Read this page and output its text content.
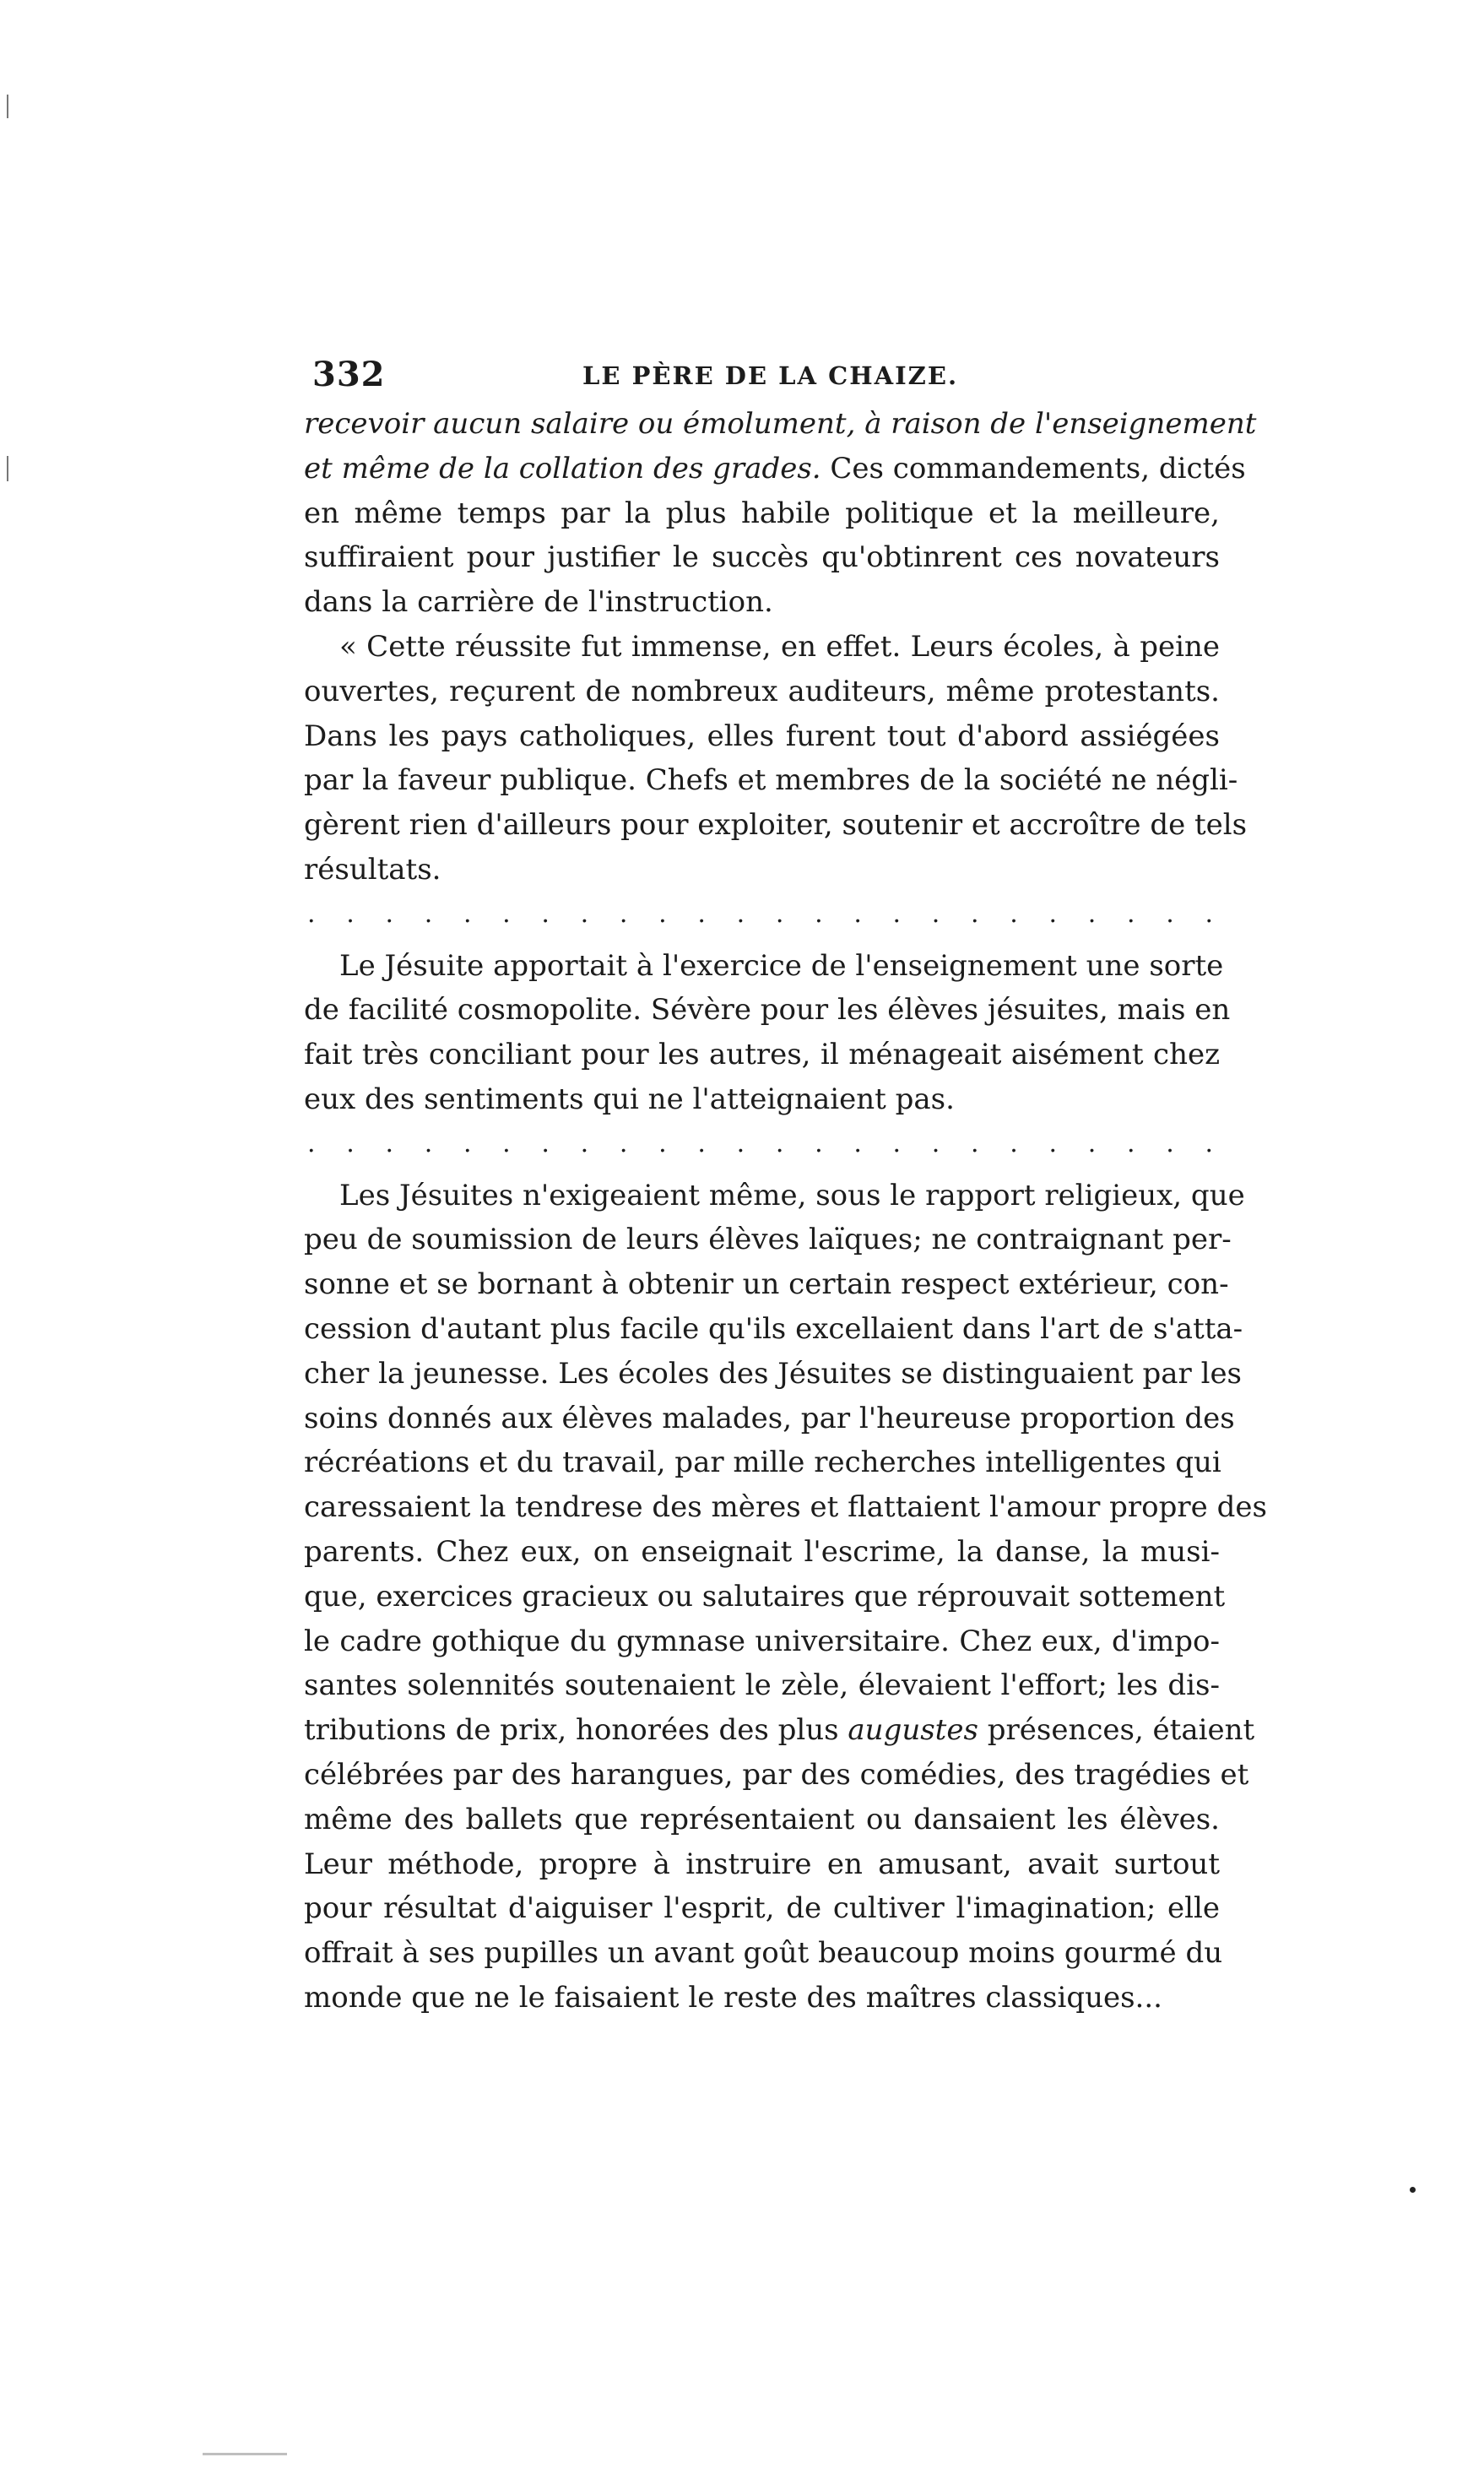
332	LE PÈRE DE LA CHAIZE.
recevoir aucun salaire ou émolument, à raison de l'enseignement
et même de la collation des grades. Ces commandements, dictés
en même temps par la plus habile politique et la meilleure,
suffiraient pour justifier le succès qu'obtinrent ces novateurs
dans la carrière de l'instruction.
« Cette réussite fut immense, en effet. Leurs écoles, à peine
ouvertes, reçurent de nombreux auditeurs, même protestants.
Dans les pays catholiques, elles furent tout d'abord assiégées
par la faveur publique. Chefs et membres de la société ne négli-
gèrent rien d'ailleurs pour exploiter, soutenir et accroître de tels
résultats.
. . . . . . . . . . . . . . . . . . . . . . . .
Le Jésuite apportait à l'exercice de l'enseignement une sorte
de facilité cosmopolite. Sévère pour les élèves jésuites, mais en
fait très conciliant pour les autres, il ménageait aisément chez
eux des sentiments qui ne l'atteignaient pas.
. . . . . . . . . . . . . . . . . . . . . . . .
Les Jésuites n'exigeaient même, sous le rapport religieux, que
peu de soumission de leurs élèves laïques; ne contraignant per-
sonne et se bornant à obtenir un certain respect extérieur, con-
cession d'autant plus facile qu'ils excellaient dans l'art de s'atta-
cher la jeunesse. Les écoles des Jésuites se distinguaient par les
soins donnés aux élèves malades, par l'heureuse proportion des
récréations et du travail, par mille recherches intelligentes qui
caressaient la tendrese des mères et flattaient l'amour propre des
parents. Chez eux, on enseignait l'escrime, la danse, la musi-
que, exercices gracieux ou salutaires que réprouvait sottement
le cadre gothique du gymnase universitaire. Chez eux, d'impo-
santes solennités soutenaient le zèle, élevaient l'effort; les dis-
tributions de prix, honorées des plus augustes présences, étaient
célébrées par des harangues, par des comédies, des tragédies et
même des ballets que représentaient ou dansaient les élèves.
Leur méthode, propre à instruire en amusant, avait surtout
pour résultat d'aiguiser l'esprit, de cultiver l'imagination; elle
offrait à ses pupilles un avant goût beaucoup moins gourmé du
monde que ne le faisaient le reste des maîtres classiques...
